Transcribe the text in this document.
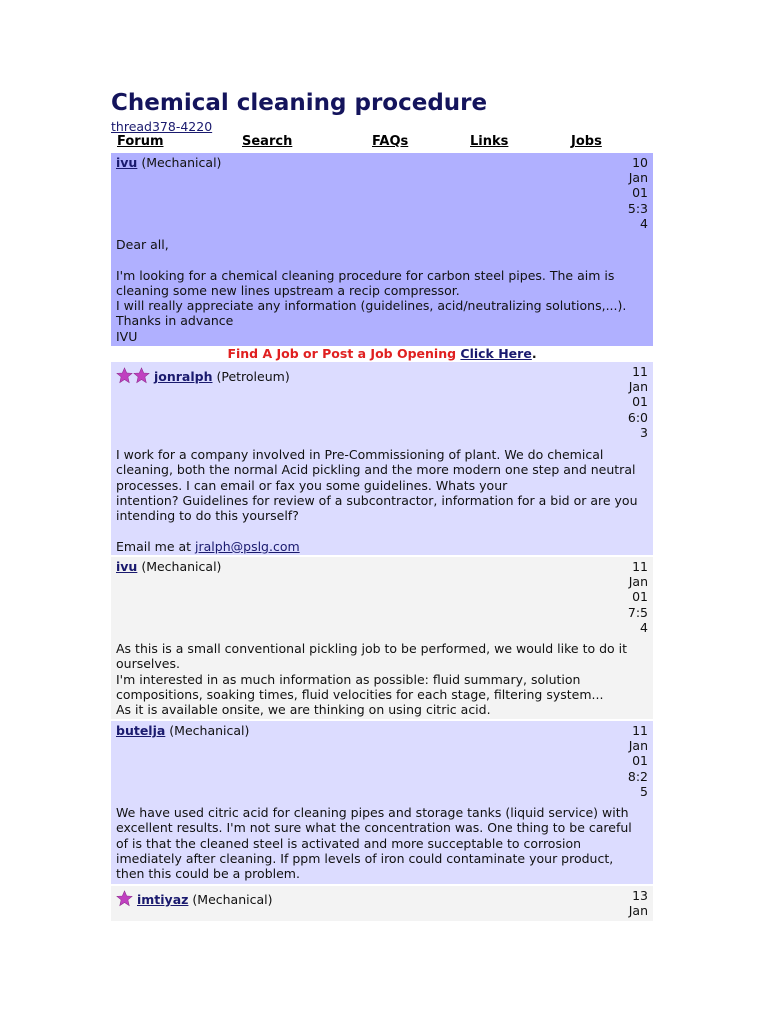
Chemical cleaning procedure
thread378-4220
Forum	Search	FAQs	Links	Jobs
ivu (Mechanical)	10
Jan
01
5:3
4

Dear all,

I'm looking for a chemical cleaning procedure for carbon steel pipes. The aim is

cleaning some new lines upstream a recip compressor.

I will really appreciate any information (guidelines, acid/neutralizing solutions,...).

Thanks in advance

IVU

Find A Job or Post a Job Opening Click Here.
jonralph (Petroleum)	11
Jan
01
6:0
3

I work for a company involved in Pre-Commissioning of plant. We do chemical

cleaning, both the normal Acid pickling and the more modern one step and neutral

processes. I can email or fax you some guidelines. Whats your

intention? Guidelines for review of a subcontractor, information for a bid or are you

intending to do this yourself?

Email me at jralph@pslg.com

ivu (Mechanical)	11
Jan
01
7:5
4

As this is a small conventional pickling job to be performed, we would like to do it

ourselves.

I'm interested in as much information as possible: fluid summary, solution

compositions, soaking times, fluid velocities for each stage, filtering system...

As it is available onsite, we are thinking on using citric acid.

butelja (Mechanical)	11
Jan
01
8:2
5

We have used citric acid for cleaning pipes and storage tanks (liquid service) with

excellent results. I'm not sure what the concentration was. One thing to be careful

of is that the cleaned steel is activated and more succeptable to corrosion

imediately after cleaning. If ppm levels of iron could contaminate your product,

then this could be a problem.

imtiyaz (Mechanical)	13
Jan
